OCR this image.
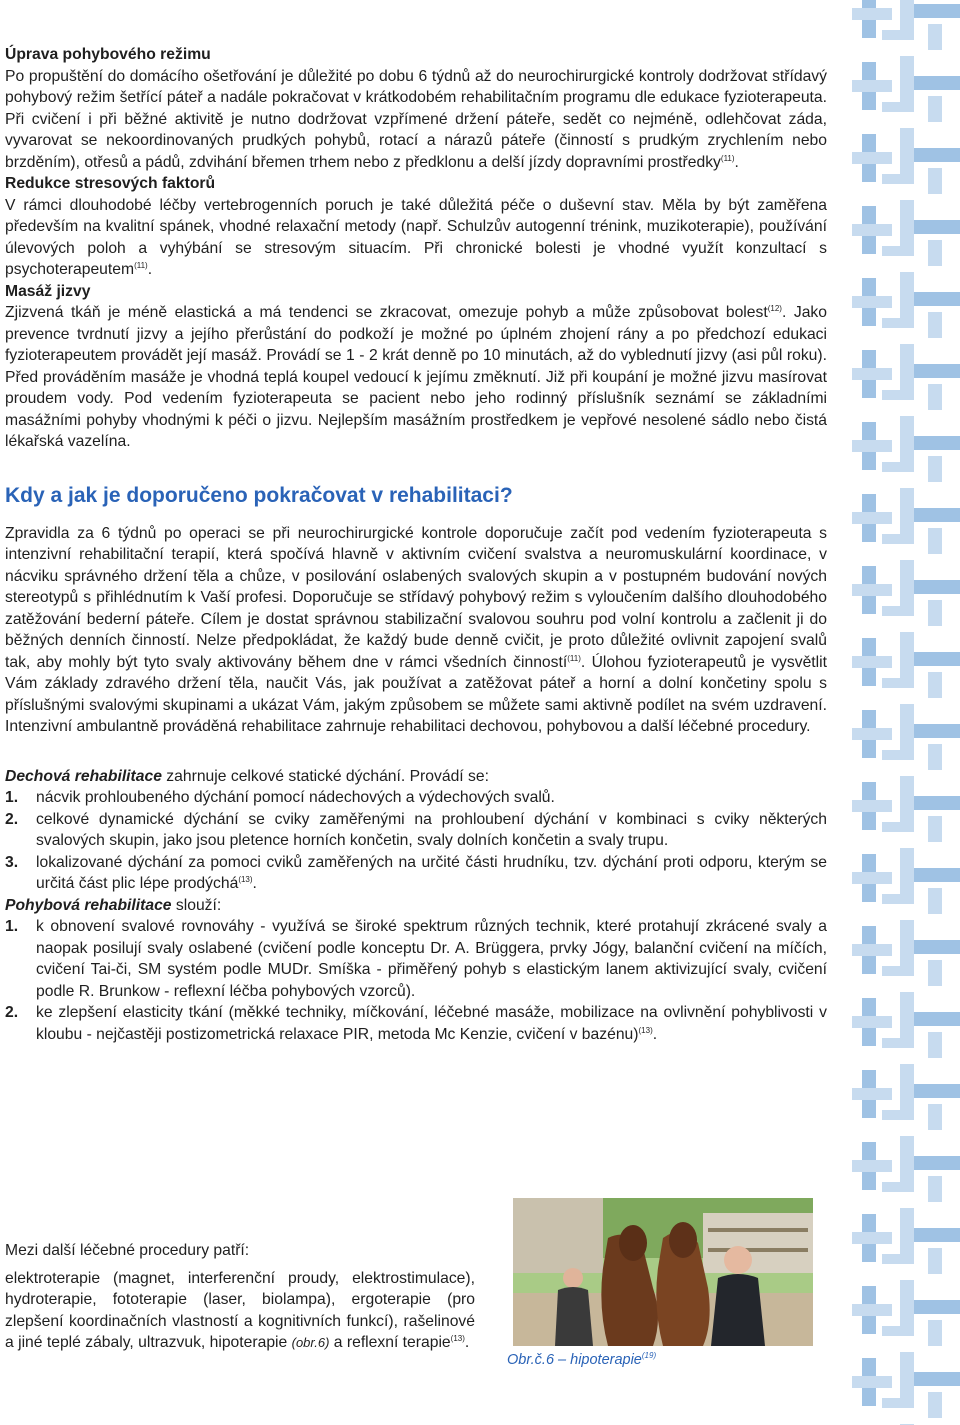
Úprava pohybového režimu

Po propuštění do domácího ošetřování je důležité po dobu 6 týdnů až do neurochirurgické kontroly dodržovat střídavý pohybový režim šetřící páteř a nadále pokračovat v krátkodobém rehabilitačním programu dle edukace fyzioterapeuta. Při cvičení i při běžné aktivitě je nutno dodržovat vzpřímené držení páteře, sedět co nejméně, odlehčovat záda, vyvarovat se nekoordinovaných prudkých pohybů, rotací a nárazů páteře (činností s prudkým zrychlením nebo brzděním), otřesů a pádů, zdvihání břemen trhem nebo z předklonu a delší jízdy dopravními prostředky$^{(11)}$.

Redukce stresových faktorů

V rámci dlouhodobé léčby vertebrogenních poruch je také důležitá péče o duševní stav. Měla by být zaměřena především na kvalitní spánek, vhodné relaxační metody (např. Schulzův autogenní trénink, muzikoterapie), používání úlevových poloh a vyhýbání se stresovým situacím. Při chronické bolesti je vhodné využít konzultací s psychoterapeutem$^{(11)}$.

Masáž jizvy

Zjizvená tkáň je méně elastická a má tendenci se zkracovat, omezuje pohyb a může způsobovat bolest$^{(12)}$. Jako prevence tvrdnutí jizvy a jejího přerůstání do podkoží je možné po úplném zhojení rány a po předchozí edukaci fyzioterapeutem provádět její masáž. Provádí se 1 - 2 krát denně po 10 minutách, až do vyblednutí jizvy (asi půl roku). Před prováděním masáže je vhodná teplá koupel vedoucí k jejímu změknutí. Již při koupání je možné jizvu masírovat proudem vody. Pod vedením fyzioterapeuta se pacient nebo jeho rodinný příslušník seznámí se základními masážními pohyby vhodnými k péči o jizvu. Nejlepším masážním prostředkem je vepřové nesolené sádlo nebo čistá lékařská vazelína.

Kdy a jak je doporučeno pokračovat v rehabilitaci?

Zpravidla za 6 týdnů po operaci se při neurochirurgické kontrole doporučuje začít pod vedením fyzioterapeuta s intenzivní rehabilitační terapií, která spočívá hlavně v aktivním cvičení svalstva a neuromuskulární koordinace, v nácviku správného držení těla a chůze, v posilování oslabených svalových skupin a v postupném budování nových stereotypů s přihlédnutím k Vaší profesi. Doporučuje se střídavý pohybový režim s vyloučením dalšího dlouhodobého zatěžování bederní páteře. Cílem je dostat správnou stabilizační svalovou souhru pod volní kontrolu a začlenit ji do běžných denních činností. Nelze předpokládat, že každý bude denně cvičit, je proto důležité ovlivnit zapojení svalů tak, aby mohly být tyto svaly aktivovány během dne v rámci všedních činností$^{(11)}$. Úlohou fyzioterapeutů je vysvětlit Vám základy zdravého držení těla, naučit Vás, jak používat a zatěžovat páteř a horní a dolní končetiny spolu s příslušnými svalovými skupinami a ukázat Vám, jakým způsobem se můžete sami aktivně podílet na svém uzdravení. Intenzivní ambulantně prováděná rehabilitace zahrnuje rehabilitaci dechovou, pohybovou a další léčebné procedury.

Dechová rehabilitace zahrnuje celkové statické dýchání. Provádí se:

1. nácvik prohloubeného dýchání pomocí nádechových a výdechových svalů.
2. celkové dynamické dýchání se cviky zaměřenými na prohloubení dýchání v kombinaci s cviky některých svalových skupin, jako jsou pletence horních končetin, svaly dolních končetin a svaly trupu.
3. lokalizované dýchání za pomoci cviků zaměřených na určité části hrudníku, tzv. dýchání proti odporu, kterým se určitá část plic lépe prodýchá$^{(13)}$.

Pohybová rehabilitace slouží:

1. k obnovení svalové rovnováhy - využívá se široké spektrum různých technik, které protahují zkrácené svaly a naopak posilují svaly oslabené (cvičení podle konceptu Dr. A. Brüggera, prvky Jógy, balanční cvičení na míčích, cvičení Tai-či, SM systém podle MUDr. Smíška - přiměřený pohyb s elastickým lanem aktivizující svaly, cvičení podle R. Brunkow - reflexní léčba pohybových vzorců).
2. ke zlepšení elasticity tkání (měkké techniky, míčkování, léčebné masáže, mobilizace na ovlivnění pohyblivosti v kloubu - nejčastěji postizometrická relaxace PIR, metoda Mc Kenzie, cvičení v bazénu)$^{(13)}$.

Mezi další léčebné procedury patří:

elektroterapie (magnet, interferenční proudy, elektrostimulace), hydroterapie, fototerapie (laser, biolampa), ergoterapie (pro zlepšení koordinačních vlastností a kognitivních funkcí), rašelinové a jiné teplé zábaly, ultrazvuk, hipoterapie (obr.6) a reflexní terapie$^{(13)}$.

Obr.č.6 – hipoterapie$^{(19)}$
